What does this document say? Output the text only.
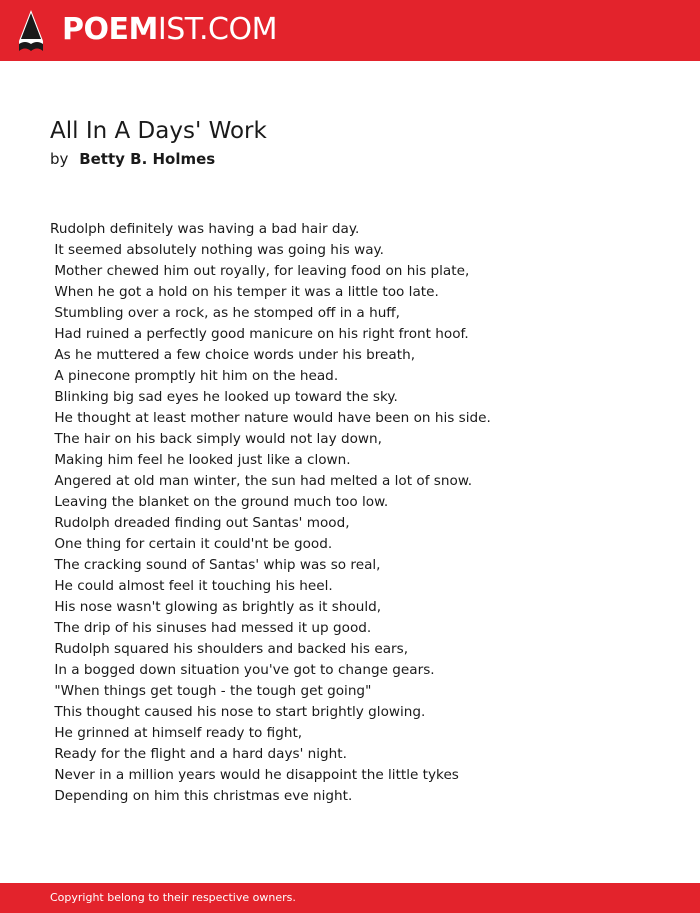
POEMIST.COM
All In A Days' Work
by Betty B. Holmes
Rudolph definitely was having a bad hair day.
It seemed absolutely nothing was going his way.
Mother chewed him out royally, for leaving food on his plate,
When he got a hold on his temper it was a little too late.
Stumbling over a rock, as he stomped off in a huff,
Had ruined a perfectly good manicure on his right front hoof.
As he muttered a few choice words under his breath,
A pinecone promptly hit him on the head.
Blinking big sad eyes he looked up toward the sky.
He thought at least mother nature would have been on his side.
The hair on his back simply would not lay down,
Making him feel he looked just like a clown.
Angered at old man winter, the sun had melted a lot of snow.
Leaving the blanket on the ground much too low.
Rudolph dreaded finding out Santas' mood,
One thing for certain it could'nt be good.
The cracking sound of Santas' whip was so real,
He could almost feel it touching his heel.
His nose wasn't glowing as brightly as it should,
The drip of his sinuses had messed it up good.
Rudolph squared his shoulders and backed his ears,
In a bogged down situation you've got to change gears.
"When things get tough - the tough get going"
This thought caused his nose to start brightly glowing.
He grinned at himself ready to fight,
Ready for the flight and a hard days' night.
Never in a million years would he disappoint the little tykes
Depending on him this christmas eve night.
Copyright belong to their respective owners.
